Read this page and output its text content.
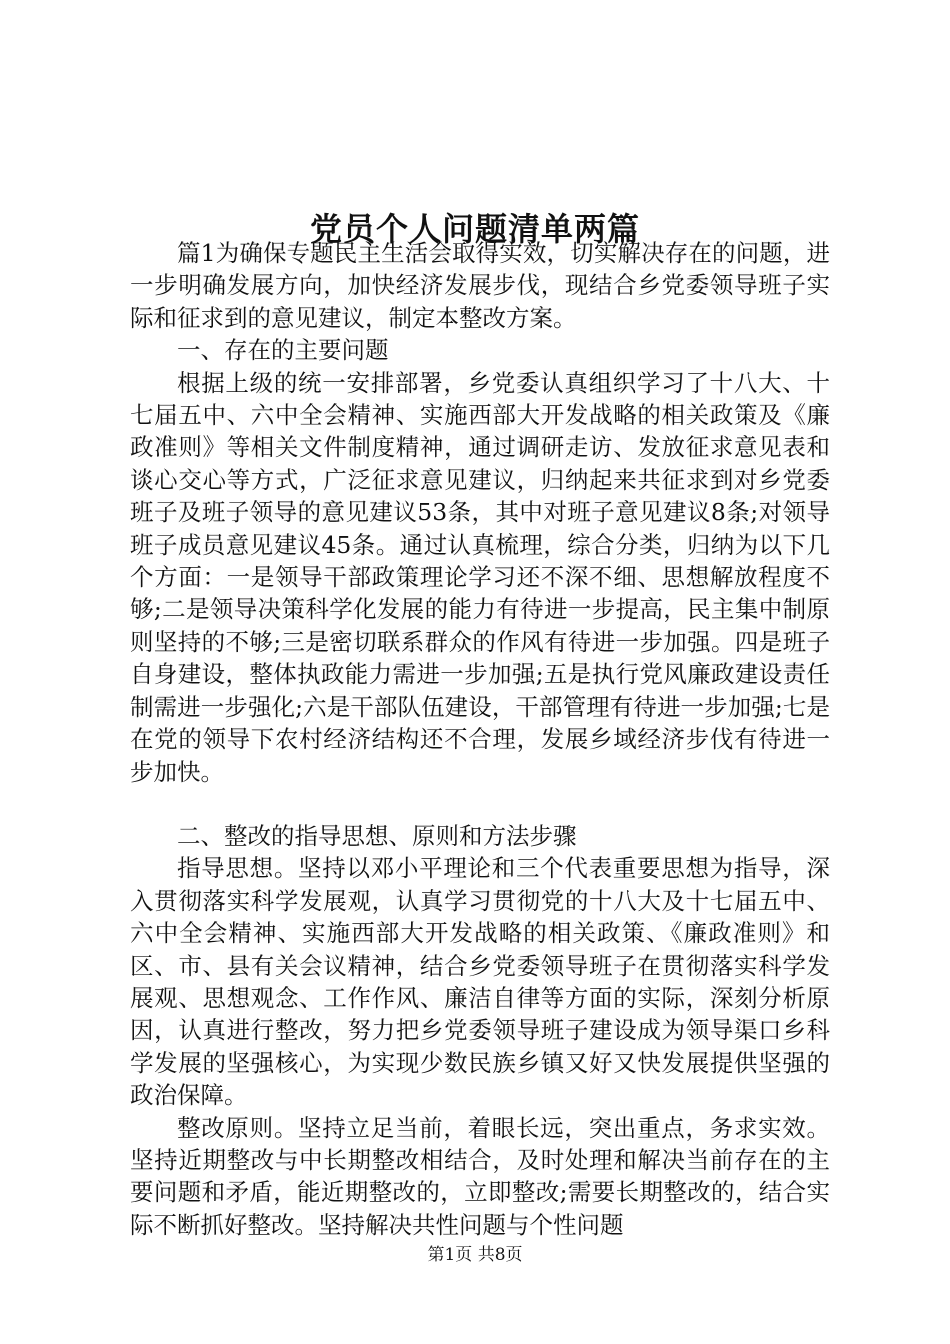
党员个人问题清单两篇

篇1为确保专题民主生活会取得实效，切实解决存在的问题，进一步明确发展方向，加快经济发展步伐，现结合乡党委领导班子实际和征求到的意见建议，制定本整改方案。

一、存在的主要问题

根据上级的统一安排部署，乡党委认真组织学习了十八大、十七届五中、六中全会精神、实施西部大开发战略的相关政策及《廉政准则》等相关文件制度精神，通过调研走访、发放征求意见表和谈心交心等方式，广泛征求意见建议，归纳起来共征求到对乡党委班子及班子领导的意见建议53条，其中对班子意见建议8条;对领导班子成员意见建议45条。通过认真梳理，综合分类，归纳为以下几个方面：一是领导干部政策理论学习还不深不细、思想解放程度不够;二是领导决策科学化发展的能力有待进一步提高，民主集中制原则坚持的不够;三是密切联系群众的作风有待进一步加强。四是班子自身建设，整体执政能力需进一步加强;五是执行党风廉政建设责任制需进一步强化;六是干部队伍建设，干部管理有待进一步加强;七是在党的领导下农村经济结构还不合理，发展乡域经济步伐有待进一步加快。

二、整改的指导思想、原则和方法步骤

指导思想。坚持以邓小平理论和三个代表重要思想为指导，深入贯彻落实科学发展观，认真学习贯彻党的十八大及十七届五中、六中全会精神、实施西部大开发战略的相关政策、《廉政准则》和区、市、县有关会议精神，结合乡党委领导班子在贯彻落实科学发展观、思想观念、工作作风、廉洁自律等方面的实际，深刻分析原因，认真进行整改，努力把乡党委领导班子建设成为领导渠口乡科学发展的坚强核心，为实现少数民族乡镇又好又快发展提供坚强的政治保障。

整改原则。坚持立足当前，着眼长远，突出重点，务求实效。坚持近期整改与中长期整改相结合，及时处理和解决当前存在的主要问题和矛盾，能近期整改的，立即整改;需要长期整改的，结合实际不断抓好整改。坚持解决共性问题与个性问题

第1页 共8页
